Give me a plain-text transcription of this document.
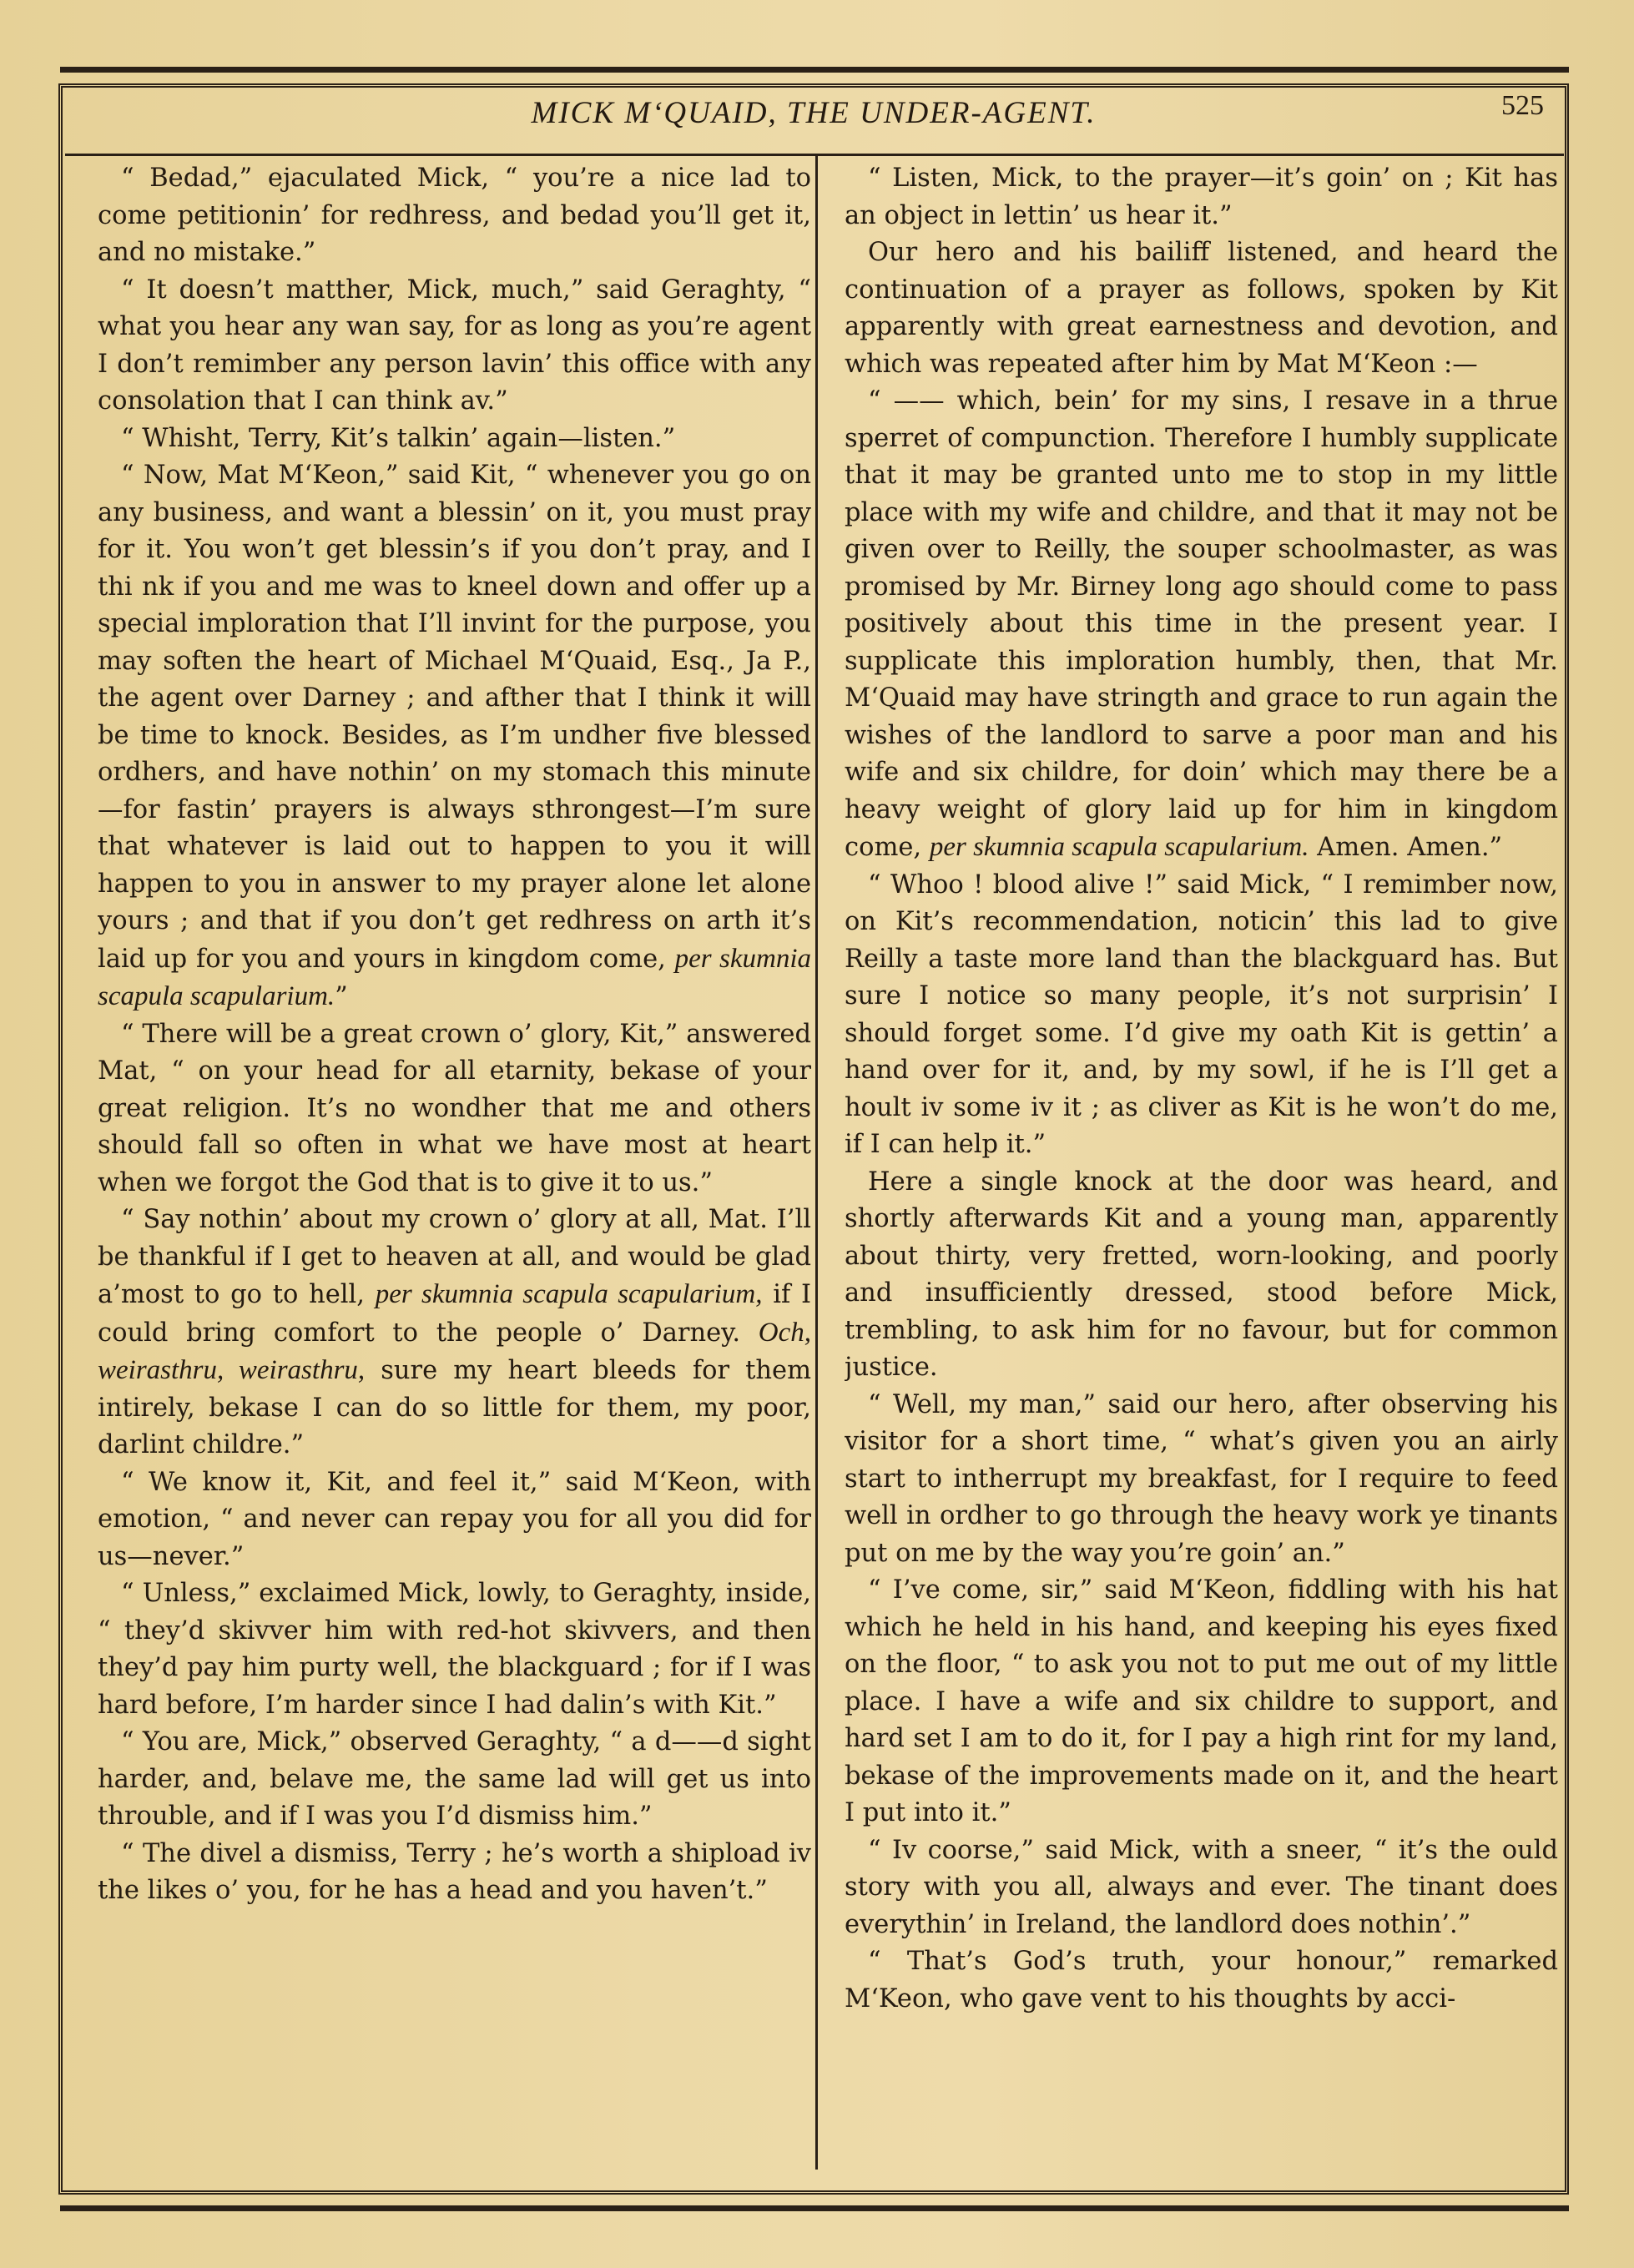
MICK M‘QUAID, THE UNDER-AGENT.	525

“ Bedad,” ejaculated Mick, “ you’re a nice lad to come petitionin’ for redhress, and bedad you’ll get it, and no mistake.”

“ It doesn’t matther, Mick, much,” said Geraghty, “ what you hear any wan say, for as long as you’re agent I don’t remimber any person lavin’ this office with any consolation that I can think av.”

“ Whisht, Terry, Kit’s talkin’ again—listen.”

“ Now, Mat M‘Keon,” said Kit, “ whenever you go on any business, and want a blessin’ on it, you must pray for it. You won’t get blessin’s if you don’t pray, and I thi nk if you and me was to kneel down and offer up a special imploration that I’ll invint for the purpose, you may soften the heart of Michael M‘Quaid, Esq., Ja P., the agent over Darney ; and afther that I think it will be time to knock. Besides, as I’m undher five blessed ordhers, and have nothin’ on my stomach this minute—for fastin’ prayers is always sthrongest—I’m sure that whatever is laid out to happen to you it will happen to you in answer to my prayer alone let alone yours ; and that if you don’t get redhress on arth it’s laid up for you and yours in kingdom come, per skumnia scapula scapularium.”

“ There will be a great crown o’ glory, Kit,” answered Mat, “ on your head for all etarnity, bekase of your great religion. It’s no wondher that me and others should fall so often in what we have most at heart when we forgot the God that is to give it to us.”

“ Say nothin’ about my crown o’ glory at all, Mat. I’ll be thankful if I get to heaven at all, and would be glad a’most to go to hell, per skumnia scapula scapularium, if I could bring comfort to the people o’ Darney. Och, weirasthru, weirasthru, sure my heart bleeds for them intirely, bekase I can do so little for them, my poor, darlint childre.”

“ We know it, Kit, and feel it,” said M‘Keon, with emotion, “ and never can repay you for all you did for us—never.”

“ Unless,” exclaimed Mick, lowly, to Geraghty, inside, “ they’d skivver him with red-hot skivvers, and then they’d pay him purty well, the blackguard ; for if I was hard before, I’m harder since I had dalin’s with Kit.”

“ You are, Mick,” observed Geraghty, “ a d——d sight harder, and, belave me, the same lad will get us into throuble, and if I was you I’d dismiss him.”

“ The divel a dismiss, Terry ; he’s worth a shipload iv the likes o’ you, for he has a head and you haven’t.”

“ Listen, Mick, to the prayer—it’s goin’ on ; Kit has an object in lettin’ us hear it.”

Our hero and his bailiff listened, and heard the continuation of a prayer as follows, spoken by Kit apparently with great earnestness and devotion, and which was repeated after him by Mat M‘Keon :—

“ —— which, bein’ for my sins, I resave in a thrue sperret of compunction. Therefore I humbly supplicate that it may be granted unto me to stop in my little place with my wife and childre, and that it may not be given over to Reilly, the souper schoolmaster, as was promised by Mr. Birney long ago should come to pass positively about this time in the present year. I supplicate this imploration humbly, then, that Mr. M‘Quaid may have stringth and grace to run again the wishes of the landlord to sarve a poor man and his wife and six childre, for doin’ which may there be a heavy weight of glory laid up for him in kingdom come, per skumnia scapula scapularium. Amen. Amen.”

“ Whoo ! blood alive !” said Mick, “ I remimber now, on Kit’s recommendation, noticin’ this lad to give Reilly a taste more land than the blackguard has. But sure I notice so many people, it’s not surprisin’ I should forget some. I’d give my oath Kit is gettin’ a hand over for it, and, by my sowl, if he is I’ll get a hoult iv some iv it ; as cliver as Kit is he won’t do me, if I can help it.”

Here a single knock at the door was heard, and shortly afterwards Kit and a young man, apparently about thirty, very fretted, worn-looking, and poorly and insufficiently dressed, stood before Mick, trembling, to ask him for no favour, but for common justice.

“ Well, my man,” said our hero, after observing his visitor for a short time, “ what’s given you an airly start to intherrupt my breakfast, for I require to feed well in ordher to go through the heavy work ye tinants put on me by the way you’re goin’ an.”

“ I’ve come, sir,” said M‘Keon, fiddling with his hat which he held in his hand, and keeping his eyes fixed on the floor, “ to ask you not to put me out of my little place. I have a wife and six childre to support, and hard set I am to do it, for I pay a high rint for my land, bekase of the improvements made on it, and the heart I put into it.”

“ Iv coorse,” said Mick, with a sneer, “ it’s the ould story with you all, always and ever. The tinant does everythin’ in Ireland, the landlord does nothin’.”

“ That’s God’s truth, your honour,” remarked M‘Keon, who gave vent to his thoughts by acci-
